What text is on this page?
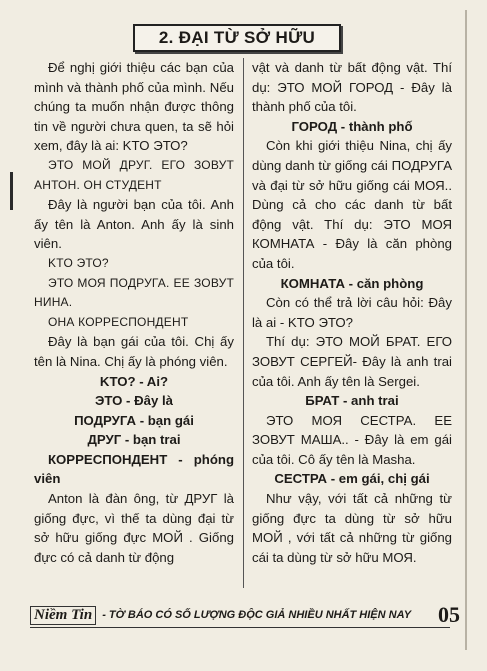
2. ĐẠI TỪ SỞ HỮU

Để nghị giới thiệu các bạn của mình và thành phố của mình. Nếu chúng ta muốn nhận được thông tin về người chưa quen, ta sẽ hỏi xem, đây là ai: KTO ЭТО?

ЭТО МОЙ ДРУГ. ЕГО ЗОВУТ АНТОН. ОН СТУДЕНТ

Đây là người bạn của tôi. Anh ấy tên là Anton. Anh ấy là sinh viên.

KTO ЭТО?

ЭТО МОЯ ПОДРУГА. ЕЕ ЗОВУТ НИНА.

ОНА КОРРЕСПОНДЕНТ

Đây là bạn gái của tôi. Chị ấy tên là Nina. Chị ấy là phóng viên.

KTO? - Ai?

ЭТО - Đây là

ПОДРУГА - bạn gái

ДРУГ - bạn trai

КОРРЕСПОНДЕНТ - phóng viên

Anton là đàn ông, từ ДРУГ là giống đực, vì thế ta dùng đại từ sở hữu giống đực МОЙ . Giống đực có cả danh từ động

vật và danh từ bất động vật. Thí dụ: ЭТО МОЙ ГОРОД - Đây là thành phố của tôi.

ГОРОД - thành phố

Còn khi giới thiệu Nina, chị ấy dùng danh từ giống cái ПОДРУГА và đại từ sở hữu giống cái МОЯ.. Dùng cả cho các danh từ bất động vật. Thí dụ: ЭТО МОЯ КОМНАТА - Đây là căn phòng của tôi.

КОМНАТА - căn phòng

Còn có thể trả lời câu hỏi: Đây là ai - KTO ЭТО?

Thí dụ: ЭТО МОЙ БРАТ. ЕГО ЗОВУТ СЕРГЕЙ- Đây là anh trai của tôi. Anh ấy tên là Sergei.

БРАТ - anh trai

ЭТО МОЯ СЕСТРА. ЕЕ ЗОВУТ МАША.. - Đây là em gái của tôi. Cô ấy tên là Masha.

СЕСТРА - em gái, chị gái

Như vậy, với tất cả những từ giống đực ta dùng từ sở hữu МОЙ , với tất cả những từ giống cái ta dùng từ sở hữu МОЯ.

Niềm Tin - TỜ BÁO CÓ SỐ LƯỢNG ĐỘC GIẢ NHIỀU NHẤT HIỆN NAY 05
